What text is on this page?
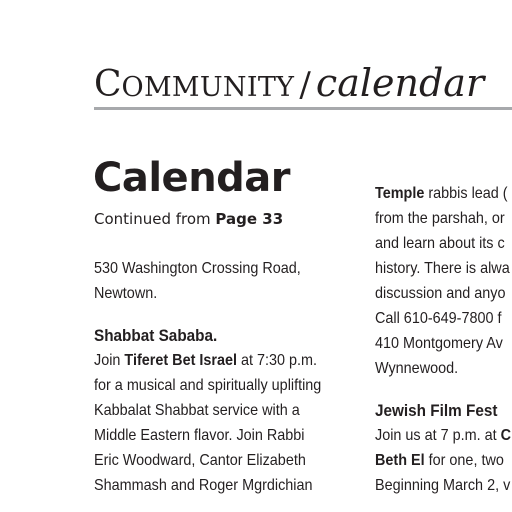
COMMUNITY / calendar
Calendar
Continued from Page 33
530 Washington Crossing Road,
Newtown.
Shabbat Sababa.
Join Tiferet Bet Israel at 7:30 p.m.
for a musical and spiritually uplifting
Kabbalat Shabbat service with a
Middle Eastern flavor. Join Rabbi
Eric Woodward, Cantor Elizabeth
Shammash and Roger Mgrdichian
Temple rabbis lead (
from the parshah, or
and learn about its c
history. There is alwa
discussion and anyo
Call 610-649-7800 f
410 Montgomery Av
Wynnewood.
Jewish Film Fest
Join us at 7 p.m. at C
Beth El for one, two
Beginning March 2, v
